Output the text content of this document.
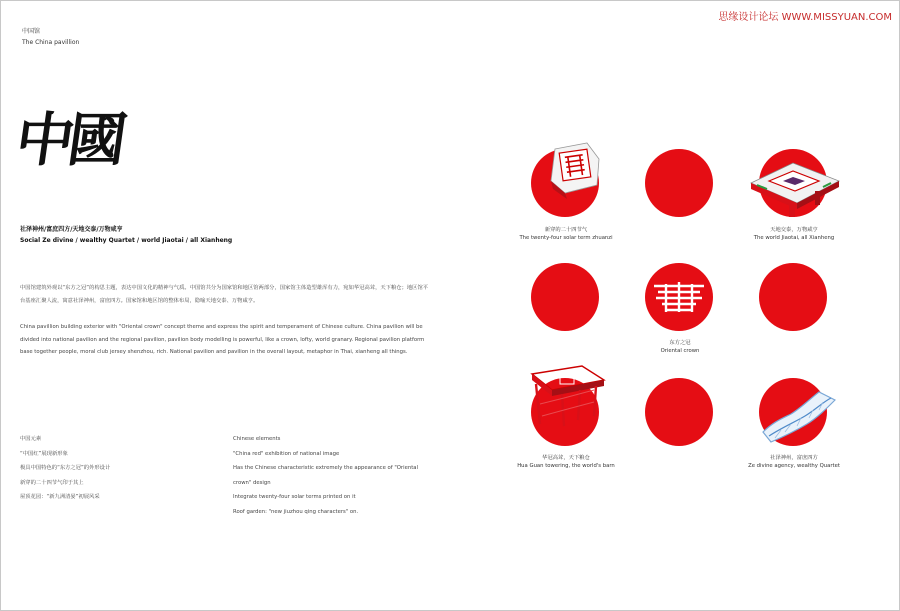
思缘设计论坛 WWW.MISSYUAN.COM
中国馆
The China pavillion
中國
社泽神州/富庶四方/天地交泰/万物咸亨
Social Ze divine / wealthy Quartet / world Jiaotai / all Xianheng
中国馆建筑外观以“东方之冠”的构思主题，表达中国文化的精神与气质。中国馆共分为国家馆和地区馆两部分，国家馆主体造型雄浑有力，宛如华冠高耸，天下粮仓；地区馆平台基座汇聚人流，寓意社泽神州，富庶四方。国家馆和地区馆的整体布局，隐喻天地交泰、万物咸亨。
China pavillion building exterior with "Oriental crown" concept theme and express the spirit and temperament of Chinese culture. China pavilion will be divided into national pavilion and the regional pavilion, pavilion body modelling is powerful, like a crown, lofty, world granary. Regional pavilion platform base together people, moral club jersey shenzhou, rich. National pavilion and pavilion in the overall layout, metaphor in Thai, xianheng all things.
中国元素
“中国红”展现新形象
极具中国特色的“东方之冠”的外形设计
新穿的二十四节气印于其上
屋顶花园：“新九洲清晏”初展风采
Chinese elements
"China red" exhibition of national image
Has the Chinese characteristic extremely the appearance of "Oriental
crown" design
Integrate twenty-four solar terms printed on it
Roof garden: "new jiuzhou qing characters" on.
新穿的二十四节气
The twenty-four solar term zhuanzi
天地交泰，万物咸亨
The world Jiaotai, all Xianheng
东方之冠
Oriental crown
华冠高耸，天下粮仓
Hua Guan towering, the world's barn
社泽神州，富庶四方
Ze divine agency, wealthy Quartet
